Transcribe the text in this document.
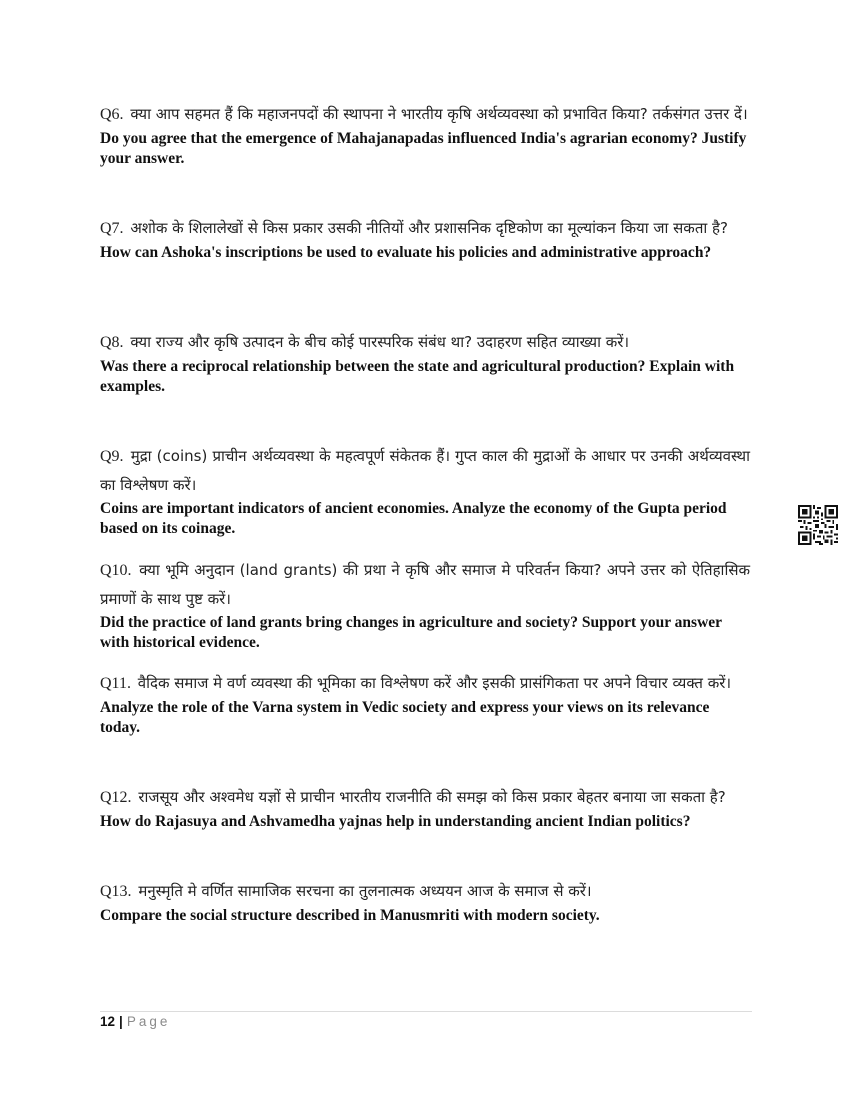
Q6. क्या आप सहमत हैं कि महाजनपदों की स्थापना ने भारतीय कृषि अर्थव्यवस्था को प्रभावित किया? तर्कसंगत उत्तर दें।

Do you agree that the emergence of Mahajanapadas influenced India's agrarian economy? Justify your answer.

Q7. अशोक के शिलालेखों से किस प्रकार उसकी नीतियों और प्रशासनिक दृष्टिकोण का मूल्यांकन किया जा सकता है?

How can Ashoka's inscriptions be used to evaluate his policies and administrative approach?

Q8. क्या राज्य और कृषि उत्पादन के बीच कोई पारस्परिक संबंध था? उदाहरण सहित व्याख्या करें।

Was there a reciprocal relationship between the state and agricultural production? Explain with examples.

Q9. मुद्रा (coins) प्राचीन अर्थव्यवस्था के महत्वपूर्ण संकेतक हैं। गुप्त काल की मुद्राओं के आधार पर उनकी अर्थव्यवस्था का विश्लेषण करें।

Coins are important indicators of ancient economies. Analyze the economy of the Gupta period based on its coinage.

Q10. क्या भूमि अनुदान (land grants) की प्रथा ने कृषि और समाज मे परिवर्तन किया? अपने उत्तर को ऐतिहासिक प्रमाणों के साथ पुष्ट करें।

Did the practice of land grants bring changes in agriculture and society? Support your answer with historical evidence.

Q11. वैदिक समाज मे वर्ण व्यवस्था की भूमिका का विश्लेषण करें और इसकी प्रासंगिकता पर अपने विचार व्यक्त करें।

Analyze the role of the Varna system in Vedic society and express your views on its relevance today.

Q12. राजसूय और अश्वमेध यज्ञों से प्राचीन भारतीय राजनीति की समझ को किस प्रकार बेहतर बनाया जा सकता है?

How do Rajasuya and Ashvamedha yajnas help in understanding ancient Indian politics?

Q13. मनुस्मृति मे वर्णित सामाजिक सरचना का तुलनात्मक अध्ययन आज के समाज से करें।

Compare the social structure described in Manusmriti with modern society.

12 | Page
